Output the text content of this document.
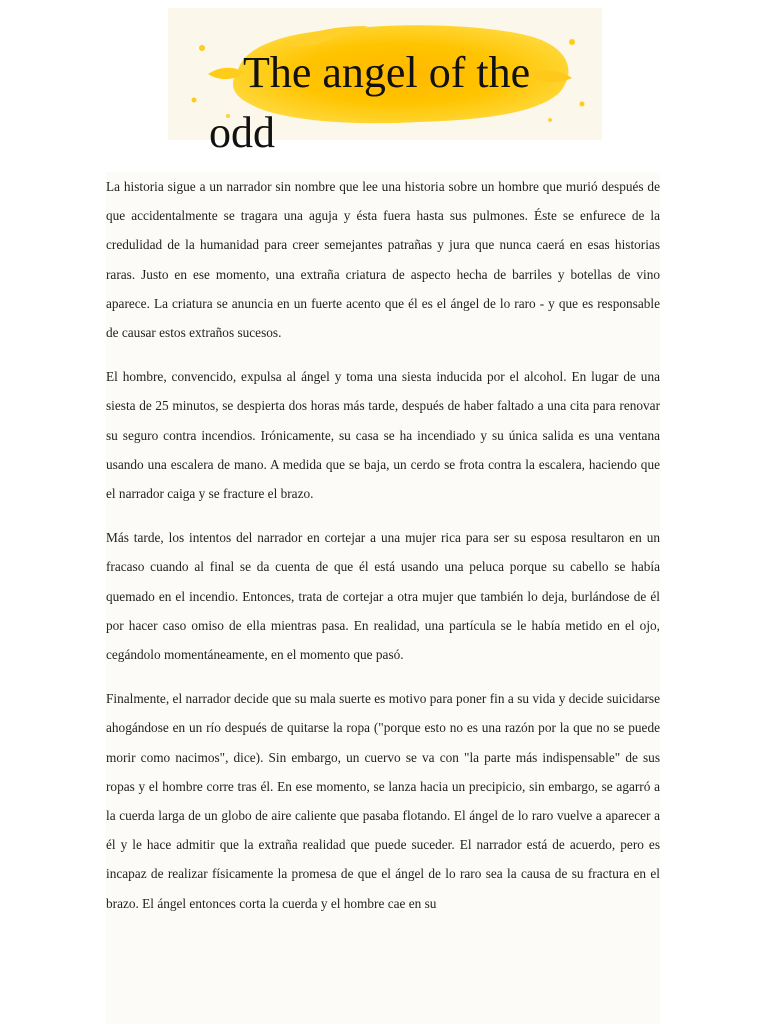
The angel of the
odd

La historia sigue a un narrador sin nombre que lee una historia sobre un hombre que murió después de que accidentalmente se tragara una aguja y ésta fuera hasta sus pulmones. Éste se enfurece de la credulidad de la humanidad para creer semejantes patrañas y jura que nunca caerá en esas historias raras. Justo en ese momento, una extraña criatura de aspecto hecha de barriles y botellas de vino aparece. La criatura se anuncia en un fuerte acento que él es el ángel de lo raro - y que es responsable de causar estos extraños sucesos.

El hombre, convencido, expulsa al ángel y toma una siesta inducida por el alcohol. En lugar de una siesta de 25 minutos, se despierta dos horas más tarde, después de haber faltado a una cita para renovar su seguro contra incendios. Irónicamente, su casa se ha incendiado y su única salida es una ventana usando una escalera de mano. A medida que se baja, un cerdo se frota contra la escalera, haciendo que el narrador caiga y se fracture el brazo.

Más tarde, los intentos del narrador en cortejar a una mujer rica para ser su esposa resultaron en un fracaso cuando al final se da cuenta de que él está usando una peluca porque su cabello se había quemado en el incendio. Entonces, trata de cortejar a otra mujer que también lo deja, burlándose de él por hacer caso omiso de ella mientras pasa. En realidad, una partícula se le había metido en el ojo, cegándolo momentáneamente, en el momento que pasó.

Finalmente, el narrador decide que su mala suerte es motivo para poner fin a su vida y decide suicidarse ahogándose en un río después de quitarse la ropa ("porque esto no es una razón por la que no se puede morir como nacimos", dice). Sin embargo, un cuervo se va con "la parte más indispensable" de sus ropas y el hombre corre tras él. En ese momento, se lanza hacia un precipicio, sin embargo, se agarró a la cuerda larga de un globo de aire caliente que pasaba flotando. El ángel de lo raro vuelve a aparecer a él y le hace admitir que la extraña realidad que puede suceder. El narrador está de acuerdo, pero es incapaz de realizar físicamente la promesa de que el ángel de lo raro sea la causa de su fractura en el brazo. El ángel entonces corta la cuerda y el hombre cae en su
